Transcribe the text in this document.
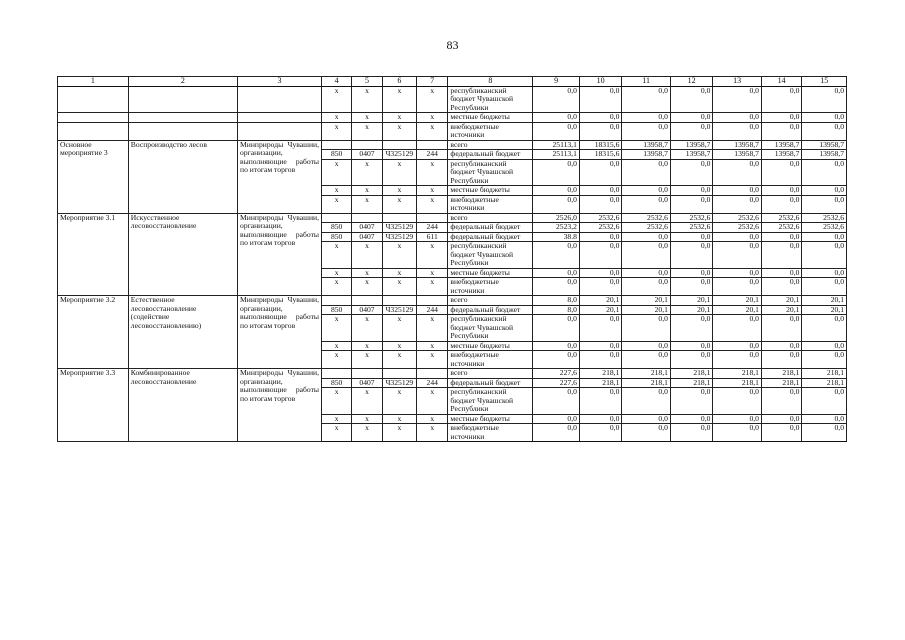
83
1	2	3	4	5	6	7	8	9	10	11	12	13	14	15
			х	х	х	х	республиканский бюджет Чувашской Республики	0,0	0,0	0,0	0,0	0,0	0,0	0,0
			х	х	х	х	местные бюджеты	0,0	0,0	0,0	0,0	0,0	0,0	0,0
			х	х	х	х	внебюджетные источники	0,0	0,0	0,0	0,0	0,0	0,0	0,0
Основное мероприятие 3	Воспроизводство лесов	Минприроды Чувашии, организации, выполняющие работы по итогам торгов					всего	25113,1	18315,6	13958,7	13958,7	13958,7	13958,7	13958,7
			850	0407	Ч325129	244	федеральный бюджет	25113,1	18315,6	13958,7	13958,7	13958,7	13958,7	13958,7
			х	х	х	х	республиканский бюджет Чувашской Республики	0,0	0,0	0,0	0,0	0,0	0,0	0,0
			х	х	х	х	местные бюджеты	0,0	0,0	0,0	0,0	0,0	0,0	0,0
			х	х	х	х	внебюджетные источники	0,0	0,0	0,0	0,0	0,0	0,0	0,0
Мероприятие 3.1	Искусственное лесовосстановление	Минприроды Чувашии, организации, выполняющие работы по итогам торгов					всего	2526,0	2532,6	2532,6	2532,6	2532,6	2532,6	2532,6
			850	0407	Ч325129	244	федеральный бюджет	2523,2	2532,6	2532,6	2532,6	2532,6	2532,6	2532,6
			850	0407	Ч325129	611	федеральный бюджет	38.8	0,0	0,0	0,0	0,0	0,0	0,0
			х	х	х	х	республиканский бюджет Чувашской Республики	0,0	0,0	0,0	0,0	0,0	0,0	0,0
			х	х	х	х	местные бюджеты	0,0	0,0	0,0	0,0	0,0	0,0	0,0
			х	х	х	х	внебюджетные источники	0,0	0,0	0,0	0,0	0,0	0,0	0,0
Мероприятие 3.2	Естественное лесовосстановление (содействие лесовосстановлению)	Минприроды Чувашии, организации, выполняющие работы по итогам торгов					всего	8,0	20,1	20,1	20,1	20,1	20,1	20,1
			850	0407	Ч325129	244	федеральный бюджет	8,0	20,1	20,1	20,1	20,1	20,1	20,1
			х	х	х	х	республиканский бюджет Чувашской Республики	0,0	0,0	0,0	0,0	0,0	0,0	0,0
			х	х	х	х	местные бюджеты	0,0	0,0	0,0	0,0	0,0	0,0	0,0
			х	х	х	х	внебюджетные источники	0,0	0,0	0,0	0,0	0,0	0,0	0,0
Мероприятие 3.3	Комбинированное лесовосстановление	Минприроды Чувашии, организации, выполняющие работы по итогам торгов					всего	227,6	218,1	218,1	218,1	218,1	218,1	218,1
			850	0407	Ч325129	244	федеральный бюджет	227,6	218,1	218,1	218,1	218,1	218,1	218,1
			х	х	х	х	республиканский бюджет Чувашской Республики	0,0	0,0	0,0	0,0	0,0	0,0	0,0
			х	х	х	х	местные бюджеты	0,0	0,0	0,0	0,0	0,0	0,0	0,0
			х	х	х	х	внебюджетные источники	0,0	0,0	0,0	0,0	0,0	0,0	0,0
